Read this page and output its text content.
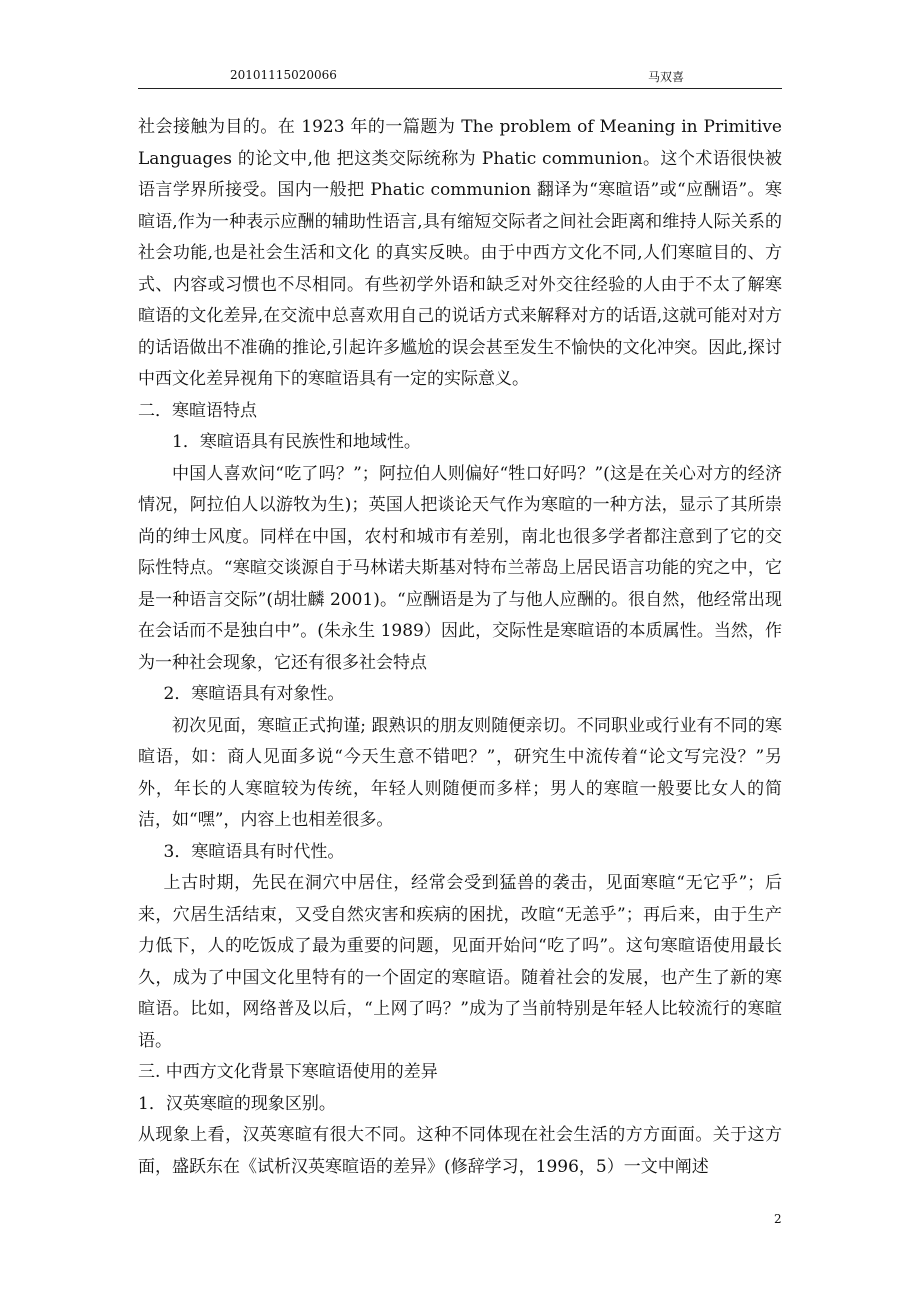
20101115020066	马双喜

社会接触为目的。在 1923 年的一篇题为 The problem of Meaning in Primitive Languages 的论文中,他 把这类交际统称为 Phatic communion。这个术语很快被语言学界所接受。国内一般把 Phatic communion 翻译为“寒暄语”或“应酬语”。寒暄语,作为一种表示应酬的辅助性语言,具有缩短交际者之间社会距离和维持人际关系的社会功能,也是社会生活和文化 的真实反映。由于中西方文化不同,人们寒暄目的、方式、内容或习惯也不尽相同。有些初学外语和缺乏对外交往经验的人由于不太了解寒暄语的文化差异,在交流中总喜欢用自己的说话方式来解释对方的话语,这就可能对对方的话语做出不准确的推论,引起许多尴尬的误会甚至发生不愉快的文化冲突。因此,探讨中西文化差异视角下的寒暄语具有一定的实际意义。

二．寒暄语特点

1．寒暄语具有民族性和地域性。

中国人喜欢问“吃了吗？”；阿拉伯人则偏好“牲口好吗？”(这是在关心对方的经济情况，阿拉伯人以游牧为生)；英国人把谈论天气作为寒暄的一种方法，显示了其所崇尚的绅士风度。同样在中国，农村和城市有差别，南北也很多学者都注意到了它的交际性特点。“寒暄交谈源自于马林诺夫斯基对特布兰蒂岛上居民语言功能的究之中，它是一种语言交际”(胡壮麟 2001)。“应酬语是为了与他人应酬的。很自然，他经常出现在会话而不是独白中”。(朱永生 1989）因此，交际性是寒暄语的本质属性。当然，作为一种社会现象，它还有很多社会特点

2．寒暄语具有对象性。

初次见面，寒暄正式拘谨; 跟熟识的朋友则随便亲切。不同职业或行业有不同的寒暄语，如：商人见面多说“今天生意不错吧？”，研究生中流传着“论文写完没？”另外，年长的人寒暄较为传统，年轻人则随便而多样；男人的寒暄一般要比女人的简洁，如“嘿”，内容上也相差很多。

3．寒暄语具有时代性。

上古时期，先民在洞穴中居住，经常会受到猛兽的袭击，见面寒暄“无它乎”；后来，穴居生活结束，又受自然灾害和疾病的困扰，改暄“无恙乎”；再后来，由于生产力低下，人的吃饭成了最为重要的问题，见面开始问“吃了吗”。这句寒暄语使用最长久，成为了中国文化里特有的一个固定的寒暄语。随着社会的发展，也产生了新的寒暄语。比如，网络普及以后，“上网了吗？”成为了当前特别是年轻人比较流行的寒暄语。

三. 中西方文化背景下寒暄语使用的差异

1．汉英寒暄的现象区别。

从现象上看，汉英寒暄有很大不同。这种不同体现在社会生活的方方面面。关于这方面，盛跃东在《试析汉英寒暄语的差异》(修辞学习，1996，5）一文中阐述

2
